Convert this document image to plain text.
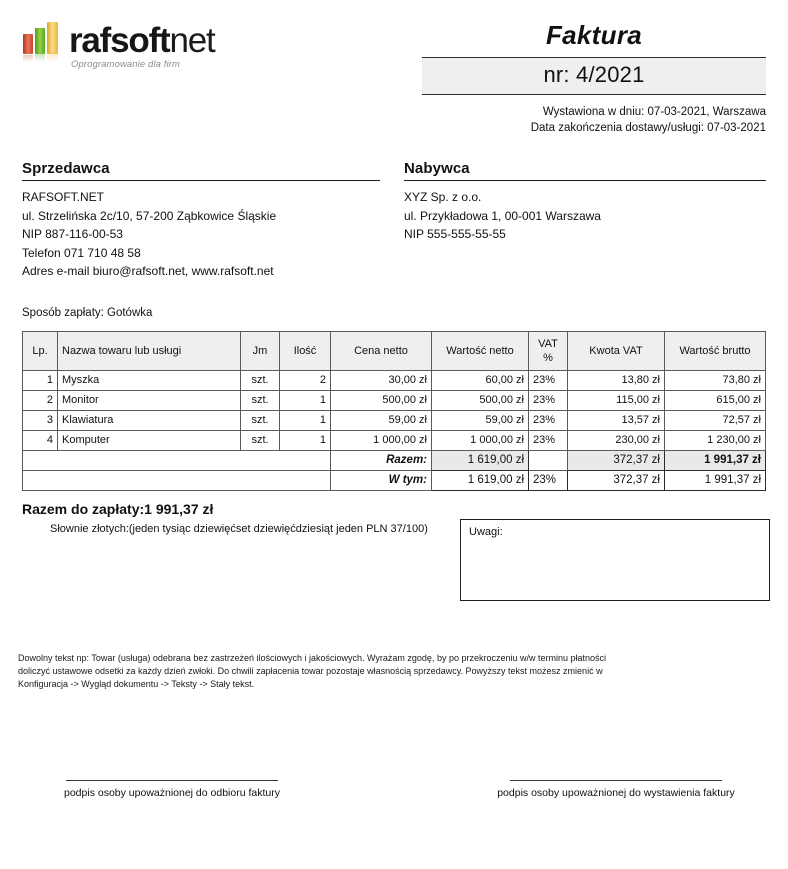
rafsoftnet
Oprogramowanie dla firm
Faktura
nr: 4/2021
Wystawiona w dniu: 07-03-2021, Warszawa
Data zakończenia dostawy/usługi: 07-03-2021
Sprzedawca
RAFSOFT.NET
ul. Strzelińska 2c/10, 57-200 Ząbkowice Śląskie
NIP 887-116-00-53
Telefon 071 710 48 58
Adres e-mail biuro@rafsoft.net, www.rafsoft.net
Nabywca
XYZ Sp. z o.o.
ul. Przykładowa 1, 00-001 Warszawa
NIP 555-555-55-55
Sposób zapłaty: Gotówka
Lp.	Nazwa towaru lub usługi	Jm	Ilość	Cena netto	Wartość netto	VAT %	Kwota VAT	Wartość brutto
1	Myszka	szt.	2	30,00 zł	60,00 zł	23%	13,80 zł	73,80 zł
2	Monitor	szt.	1	500,00 zł	500,00 zł	23%	115,00 zł	615,00 zł
3	Klawiatura	szt.	1	59,00 zł	59,00 zł	23%	13,57 zł	72,57 zł
4	Komputer	szt.	1	1 000,00 zł	1 000,00 zł	23%	230,00 zł	1 230,00 zł
				Razem:	1 619,00 zł		372,37 zł	1 991,37 zł
				W tym:	1 619,00 zł	23%	372,37 zł	1 991,37 zł
Razem do zapłaty:1 991,37 zł
Słownie złotych:(jeden tysiąc dziewięćset dziewięćdziesiąt jeden PLN 37/100)	Uwagi:
Dowolny tekst np: Towar (usługa) odebrana bez zastrzeżeń ilościowych i jakościowych. Wyrażam zgodę, by po przekroczeniu w/w terminu płatności doliczyć ustawowe odsetki za każdy dzień zwłoki. Do chwili zapłacenia towar pozostaje własnością sprzedawcy. Powyższy tekst możesz zmienić w Konfiguracja -> Wygląd dokumentu -> Teksty -> Stały tekst.
podpis osoby upoważnionej do odbioru faktury	podpis osoby upoważnionej do wystawienia faktury
